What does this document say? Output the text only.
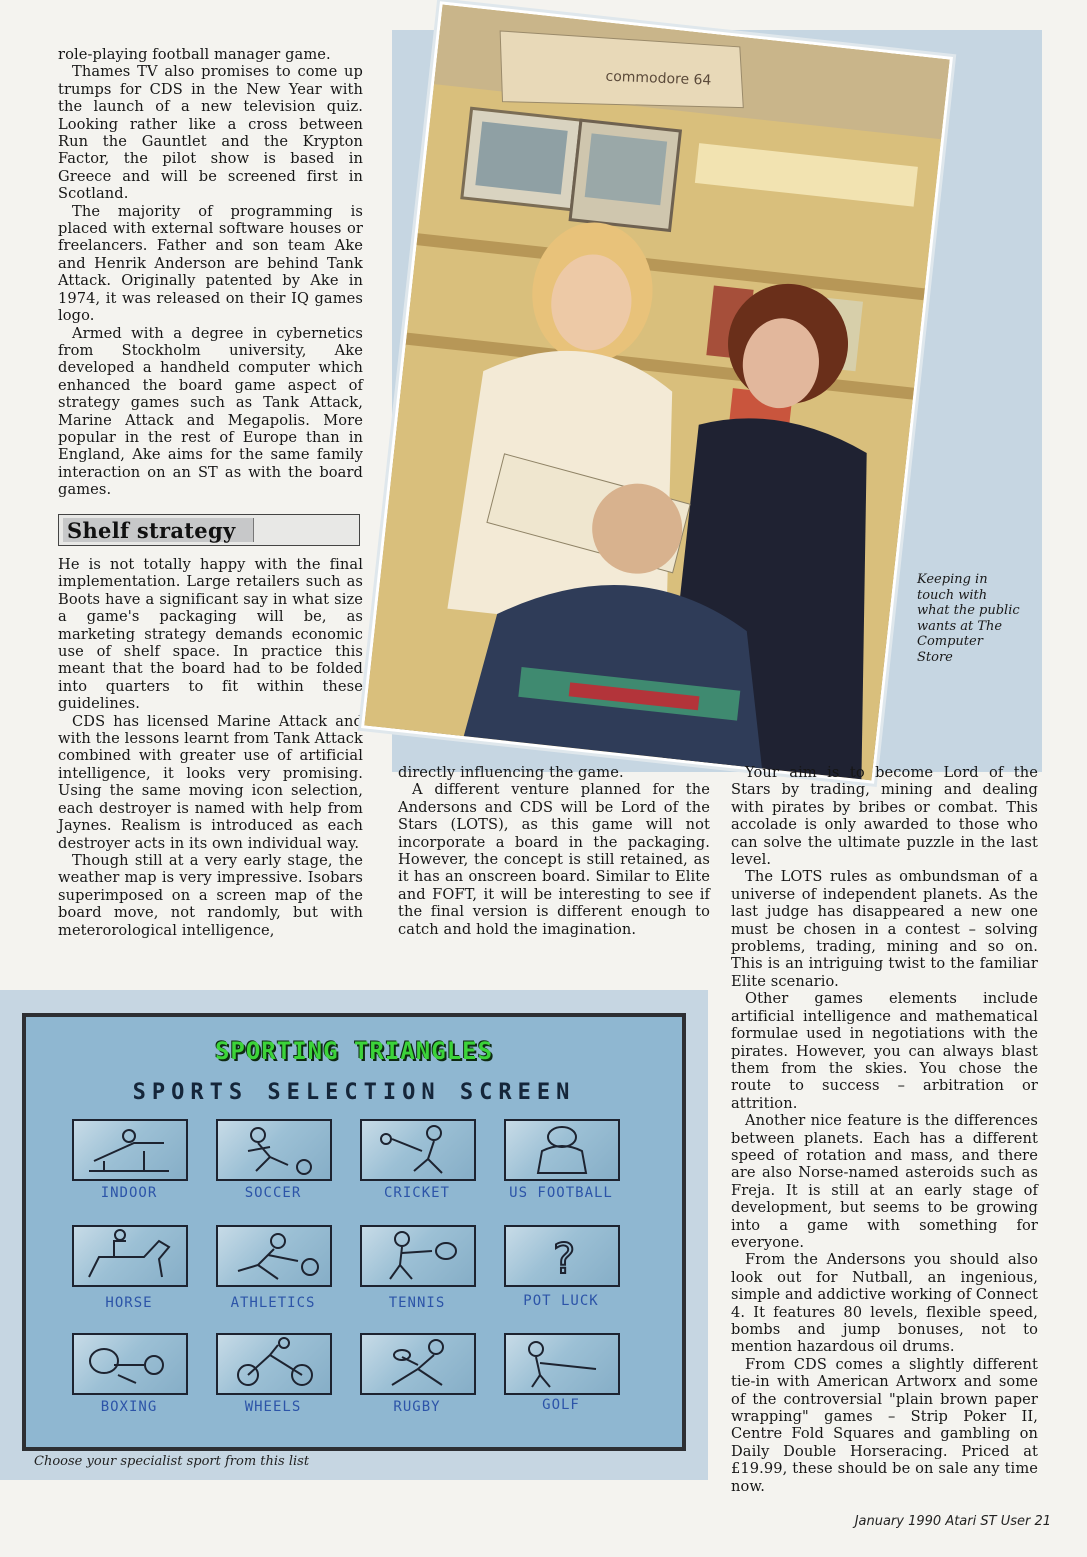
role-playing football manager game.

Thames TV also promises to come up trumps for CDS in the New Year with the launch of a new television quiz. Looking rather like a cross between Run the Gauntlet and the Krypton Factor, the pilot show is based in Greece and will be screened first in Scotland.

The majority of programming is placed with external software houses or freelancers. Father and son team Ake and Henrik Anderson are behind Tank Attack. Originally patented by Ake in 1974, it was released on their IQ games logo.

Armed with a degree in cybernetics from Stockholm university, Ake developed a handheld computer which enhanced the board game aspect of strategy games such as Tank Attack, Marine Attack and Megapolis. More popular in the rest of Europe than in England, Ake aims for the same family interaction on an ST as with the board games.

Shelf strategy

He is not totally happy with the final implementation. Large retailers such as Boots have a significant say in what size a game's packaging will be, as marketing strategy demands economic use of shelf space. In practice this meant that the board had to be folded into quarters to fit within these guidelines.

CDS has licensed Marine Attack and with the lessons learnt from Tank Attack combined with greater use of artificial intelligence, it looks very promising. Using the same moving icon selection, each destroyer is named with help from Jaynes. Realism is introduced as each destroyer acts in its own individual way.

Though still at a very early stage, the weather map is very impressive. Isobars superimposed on a screen map of the board move, not randomly, but with meterorological intelligence,

commodore 64
Keeping in touch with what the public wants at The Computer Store

directly influencing the game.

A different venture planned for the Andersons and CDS will be Lord of the Stars (LOTS), as this game will not incorporate a board in the packaging. However, the concept is still retained, as it has an onscreen board. Similar to Elite and FOFT, it will be interesting to see if the final version is different enough to catch and hold the imagination.

Your aim is to become Lord of the Stars by trading, mining and dealing with pirates by bribes or combat. This accolade is only awarded to those who can solve the ultimate puzzle in the last level.

The LOTS rules as ombundsman of a universe of independent planets. As the last judge has disappeared a new one must be chosen in a contest – solving problems, trading, mining and so on. This is an intriguing twist to the familiar Elite scenario.

Other games elements include artificial intelligence and mathematical formulae used in negotiations with the pirates. However, you can always blast them from the skies. You chose the route to success – arbitration or attrition.

Another nice feature is the differences between planets. Each has a different speed of rotation and mass, and there are also Norse-named asteroids such as Freja. It is still at an early stage of development, but seems to be growing into a game with something for everyone.

From the Andersons you should also look out for Nutball, an ingenious, simple and addictive working of Connect 4. It features 80 levels, flexible speed, bombs and jump bonuses, not to mention hazardous oil drums.

From CDS comes a slightly different tie-in with American Artworx and some of the controversial "plain brown paper wrapping" games – Strip Poker II, Centre Fold Squares and gambling on Daily Double Horseracing. Priced at £19.99, these should be on sale any time now.

SPORTING TRIANGLES
SPORTS SELECTION SCREEN
INDOOR	SOCCER	CRICKET	US FOOTBALL
?
HORSE	ATHLETICS	TENNIS	POT LUCK
BOXING	WHEELS	RUGBY	GOLF
Choose your specialist sport from this list
January 1990 Atari ST User 21
